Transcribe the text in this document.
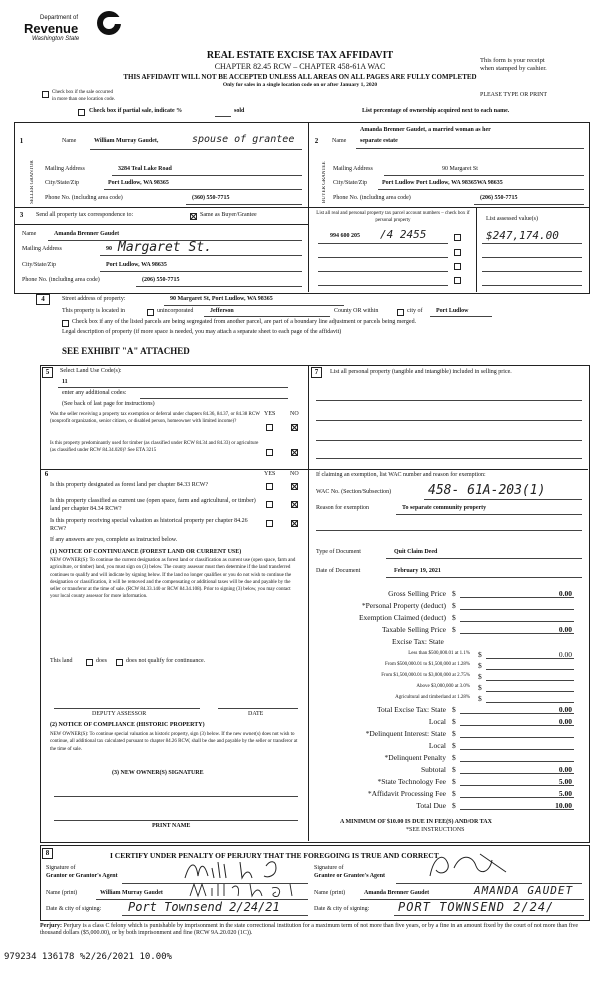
Department of
Revenue
Washington State
REAL ESTATE EXCISE TAX AFFIDAVIT
CHAPTER 82.45 RCW – CHAPTER 458-61A WAC
THIS AFFIDAVIT WILL NOT BE ACCEPTED UNLESS ALL AREAS ON ALL PAGES ARE FULLY COMPLETED
Only for sales in a single location code on or after January 1, 2020
This form is your receipt
when stamped by cashier.
PLEASE TYPE OR PRINT
Check box if the sale occurred
in more than one location code.
Check box if partial sale, indicate %	sold	List percentage of ownership acquired next to each name.
1
SELLER GRANTOR
Name	William Murray Gaudet,	spouse of grantee
Mailing Address	3284 Teal Lake Road
City/State/Zip	Port Ludlow, WA 98365
Phone No. (including area code)	(360) 550-7715
2
BUYER GRANTEE
Name
Amanda Brenner Gaudet, a married woman as her
separate estate
Mailing Address	90 Margaret St
City/State/Zip	Port Ludlow Port Ludlow, WA 98365WA 98635
Phone No. (including area code)	(206) 550-7715
3	Send all property tax correspondence to:	Same as Buyer/Grantee
Name	Amanda Brenner Gaudet
Mailing Address	90 Margaret St.
City/State/Zip	Port Ludlow, WA 98635
Phone No. (including area code)	(206) 550-7715
List all real and personal property tax parcel account numbers – check box if personal property	List assessed value(s)
994 600 205 /4 2455	$247,174.00
4	Street address of property:	90 Margaret St, Port Ludlow, WA 98365
This property is located in	unincorporated	Jefferson	County OR within	city of Port Ludlow
Check box if any of the listed parcels are being segregated from another parcel, are part of a boundary line adjustment or parcels being merged.
Legal description of property (if more space is needed, you may attach a separate sheet to each page of the affidavit)
SEE EXHIBIT "A" ATTACHED
5	Select Land Use Code(s):
11
enter any additional codes:
(See back of last page for instructions)
YES NO
Was the seller receiving a property tax exemption or deferral under chapters 84.36, 84.37, or 84.38 RCW (nonprofit organization, senior citizen, or disabled person, homeowner with limited income)?
Is this property predominantly used for timber (as classified under RCW 84.34 and 84.33) or agriculture (as classified under RCW 84.34.020)? See ETA 3215
6	YES NO
Is this property designated as forest land per chapter 84.33 RCW?
Is this property classified as current use (open space, farm and agricultural, or timber) land per chapter 84.34 RCW?
Is this property receiving special valuation as historical property per chapter 84.26 RCW?
If any answers are yes, complete as instructed below.
(1) NOTICE OF CONTINUANCE (FOREST LAND OR CURRENT USE)
NEW OWNER(S): To continue the current designation as forest land or classification as current use (open space, farm and agriculture, or timber) land, you must sign on (3) below. The county assessor must then determine if the land transferred continues to qualify and will indicate by signing below. If the land no longer qualifies or you do not wish to continue the designation or classification, it will be removed and the compensating or additional taxes will be due and payable by the seller or transferor at the time of sale. (RCW 84.33.140 or RCW 84.34.108). Prior to signing (3) below, you may contact your local county assessor for more information.
This land	does	does not qualify for continuance.
DEPUTY ASSESSOR	DATE
(2) NOTICE OF COMPLIANCE (HISTORIC PROPERTY)
NEW OWNER(S): To continue special valuation as historic property, sign (3) below. If the new owner(s) does not wish to continue, all additional tax calculated pursuant to chapter 84.26 RCW, shall be due and payable by the seller or transferor at the time of sale.
(3) NEW OWNER(S) SIGNATURE
PRINT NAME
7	List all personal property (tangible and intangible) included in selling price.
If claiming an exemption, list WAC number and reason for exemption:
WAC No. (Section/Subsection)	458- 61A-203(1)
Reason for exemption	To separate community property
Type of Document	Quit Claim Deed
Date of Document	February 19, 2021
Gross Selling Price $	0.00
*Personal Property (deduct) $
Exemption Claimed (deduct) $
Taxable Selling Price $	0.00
Excise Tax: State
Less than $500,000.01 at 1.1% $	0.00
From $500,000.01 to $1,500,000 at 1.28% $
From $1,500,000.01 to $3,000,000 at 2.75% $
Above $3,000,000 at 3.0% $
Agricultural and timberland at 1.28% $
Total Excise Tax: State $	0.00
Local $	0.00
*Delinquent Interest: State $
Local $
*Delinquent Penalty $
Subtotal $	0.00
*State Technology Fee $	5.00
*Affidavit Processing Fee $	5.00
Total Due $	10.00
A MINIMUM OF $10.00 IS DUE IN FEE(S) AND/OR TAX
*SEE INSTRUCTIONS
8	I CERTIFY UNDER PENALTY OF PERJURY THAT THE FOREGOING IS TRUE AND CORRECT
Signature of
Grantor or Grantor's Agent
Signature of
Grantee or Grantee's Agent
Name (print)	William Murray Gaudet	Name (print)	Amanda Brenner Gaudet	AMANDA GAUDET
Date & city of signing: Port Townsend 2/24/21	Date & city of signing: PORT TOWNSEND 2/24/
Perjury: Perjury is a class C felony which is punishable by imprisonment in the state correctional institution for a maximum term of not more than five years, or by a fine in an amount fixed by the court of not more than five thousand dollars ($5,000.00), or by both imprisonment and fine (RCW 9A.20.020 (1C)).
979234 136178 %2/26/2021 10.00%
